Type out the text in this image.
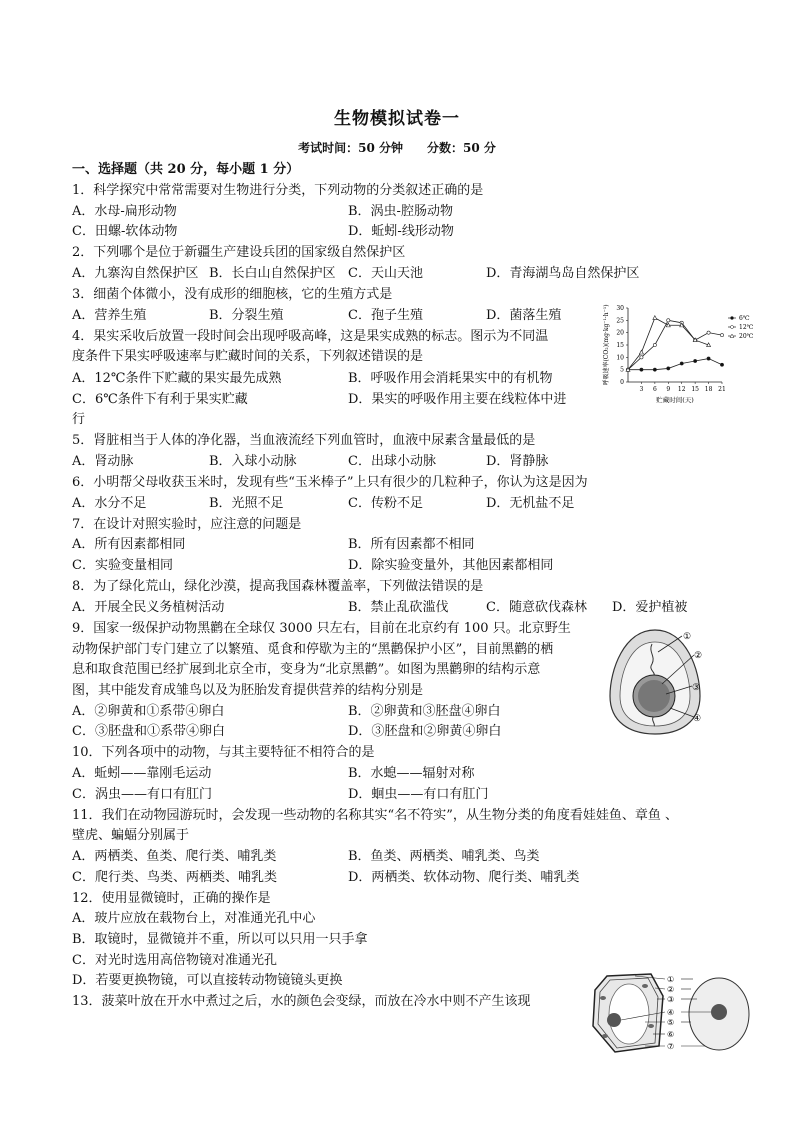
生物模拟试卷一
考试时间：50 分钟　　分数：50 分
一、选择题（共 20 分，每小题 1 分）
1．科学探究中常常需要对生物进行分类，下列动物的分类叙述正确的是
A．水母-扁形动物	B．涡虫-腔肠动物
C．田螺-软体动物	D．蚯蚓-线形动物
2．下列哪个是位于新疆生产建设兵团的国家级自然保护区
A．九寨沟自然保护区 B．长白山自然保护区 C．天山天池	D．青海湖鸟岛自然保护区
3．细菌个体微小，没有成形的细胞核，它的生殖方式是
A．营养生殖	B．分裂生殖	C．孢子生殖	D．菌落生殖
4．果实采收后放置一段时间会出现呼吸高峰，这是果实成熟的标志。图示为不同温
度条件下果实呼吸速率与贮藏时间的关系，下列叙述错误的是
A．12℃条件下贮藏的果实最先成熟	B．呼吸作用会消耗果实中的有机物
C．6℃条件下有利于果实贮藏	D．果实的呼吸作用主要在线粒体中进
行
5．肾脏相当于人体的净化器，当血液流经下列血管时，血液中尿素含量最低的是
A．肾动脉	B．入球小动脉	C．出球小动脉	D．肾静脉
6．小明帮父母收获玉米时，发现有些“玉米棒子”上只有很少的几粒种子，你认为这是因为
A．水分不足	B．光照不足	C．传粉不足	D．无机盐不足
7．在设计对照实验时，应注意的问题是
A．所有因素都相同	B．所有因素都不相同
C．实验变量相同	D．除实验变量外，其他因素都相同
8．为了绿化荒山，绿化沙漠，提高我国森林覆盖率，下列做法错误的是
A．开展全民义务植树活动	B．禁止乱砍滥伐	C．随意砍伐森林 D．爱护植被
9．国家一级保护动物黑鹳在全球仅 3000 只左右，目前在北京约有 100 只。北京野生
动物保护部门专门建立了以繁殖、觅食和停歇为主的“黑鹳保护小区”，目前黑鹳的栖
息和取食范围已经扩展到北京全市，变身为“北京黑鹳”。如图为黑鹳卵的结构示意
图，其中能发育成雏鸟以及为胚胎发育提供营养的结构分别是
A．②卵黄和①系带④卵白	B．②卵黄和③胚盘④卵白
C．③胚盘和①系带④卵白	D．③胚盘和②卵黄④卵白
10．下列各项中的动物，与其主要特征不相符合的是
A．蚯蚓——靠刚毛运动	B．水螅——辐射对称
C．涡虫——有口有肛门	D．蛔虫——有口有肛门
11．我们在动物园游玩时，会发现一些动物的名称其实“名不符实”，从生物分类的角度看娃娃鱼、章鱼 、
壁虎、蝙蝠分别属于
A．两栖类、鱼类、爬行类、哺乳类	B．鱼类、两栖类、哺乳类、鸟类
C．爬行类、鸟类、两栖类、哺乳类	D．两栖类、软体动物、爬行类、哺乳类
12．使用显微镜时，正确的操作是
A．玻片应放在载物台上，对准通光孔中心
B．取镜时，显微镜并不重，所以可以只用一只手拿
C．对光时选用高倍物镜对准通光孔
D．若要更换物镜，可以直接转动物镜镜头更换
13．菠菜叶放在开水中煮过之后，水的颜色会变绿，而放在冷水中则不产生该现
0
5
10
15
20
25
30
3 6 9 12 15 18 21
贮藏时间(天)
呼吸速率(CO₂)(mg·kg⁻¹·h⁻¹)	6℃
12℃
20℃
①
②
③
④
①
②
③
④
⑤
⑥
⑦
